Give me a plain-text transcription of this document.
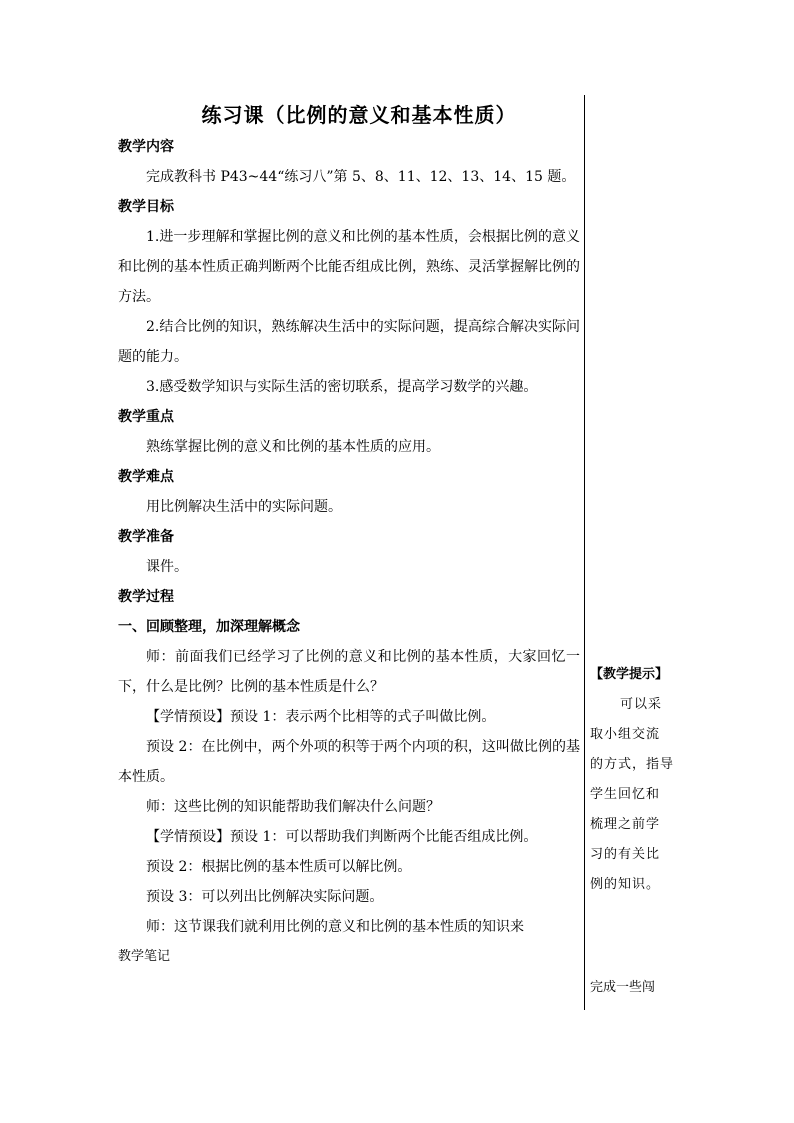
练习课（比例的意义和基本性质）
教学内容
完成教科书 P43~44“练习八”第 5、8、11、12、13、14、15 题。
教学目标
1.进一步理解和掌握比例的意义和比例的基本性质，会根据比例的意义和比例的基本性质正确判断两个比能否组成比例，熟练、灵活掌握解比例的方法。
2.结合比例的知识，熟练解决生活中的实际问题，提高综合解决实际问题的能力。
3.感受数学知识与实际生活的密切联系，提高学习数学的兴趣。
教学重点
熟练掌握比例的意义和比例的基本性质的应用。
教学难点
用比例解决生活中的实际问题。
教学准备
课件。
教学过程
一、回顾整理，加深理解概念
师：前面我们已经学习了比例的意义和比例的基本性质，大家回忆一下，什么是比例？比例的基本性质是什么？
【学情预设】预设 1：表示两个比相等的式子叫做比例。
预设 2：在比例中，两个外项的积等于两个内项的积，这叫做比例的基本性质。
师：这些比例的知识能帮助我们解决什么问题？
【学情预设】预设 1：可以帮助我们判断两个比能否组成比例。
预设 2：根据比例的基本性质可以解比例。
预设 3：可以列出比例解决实际问题。
师：这节课我们就利用比例的意义和比例的基本性质的知识来
教学笔记
【教学提示】
可以采
取小组交流
的方式，指导
学生回忆和
梳理之前学
习的有关比
例的知识。
完成一些闯
